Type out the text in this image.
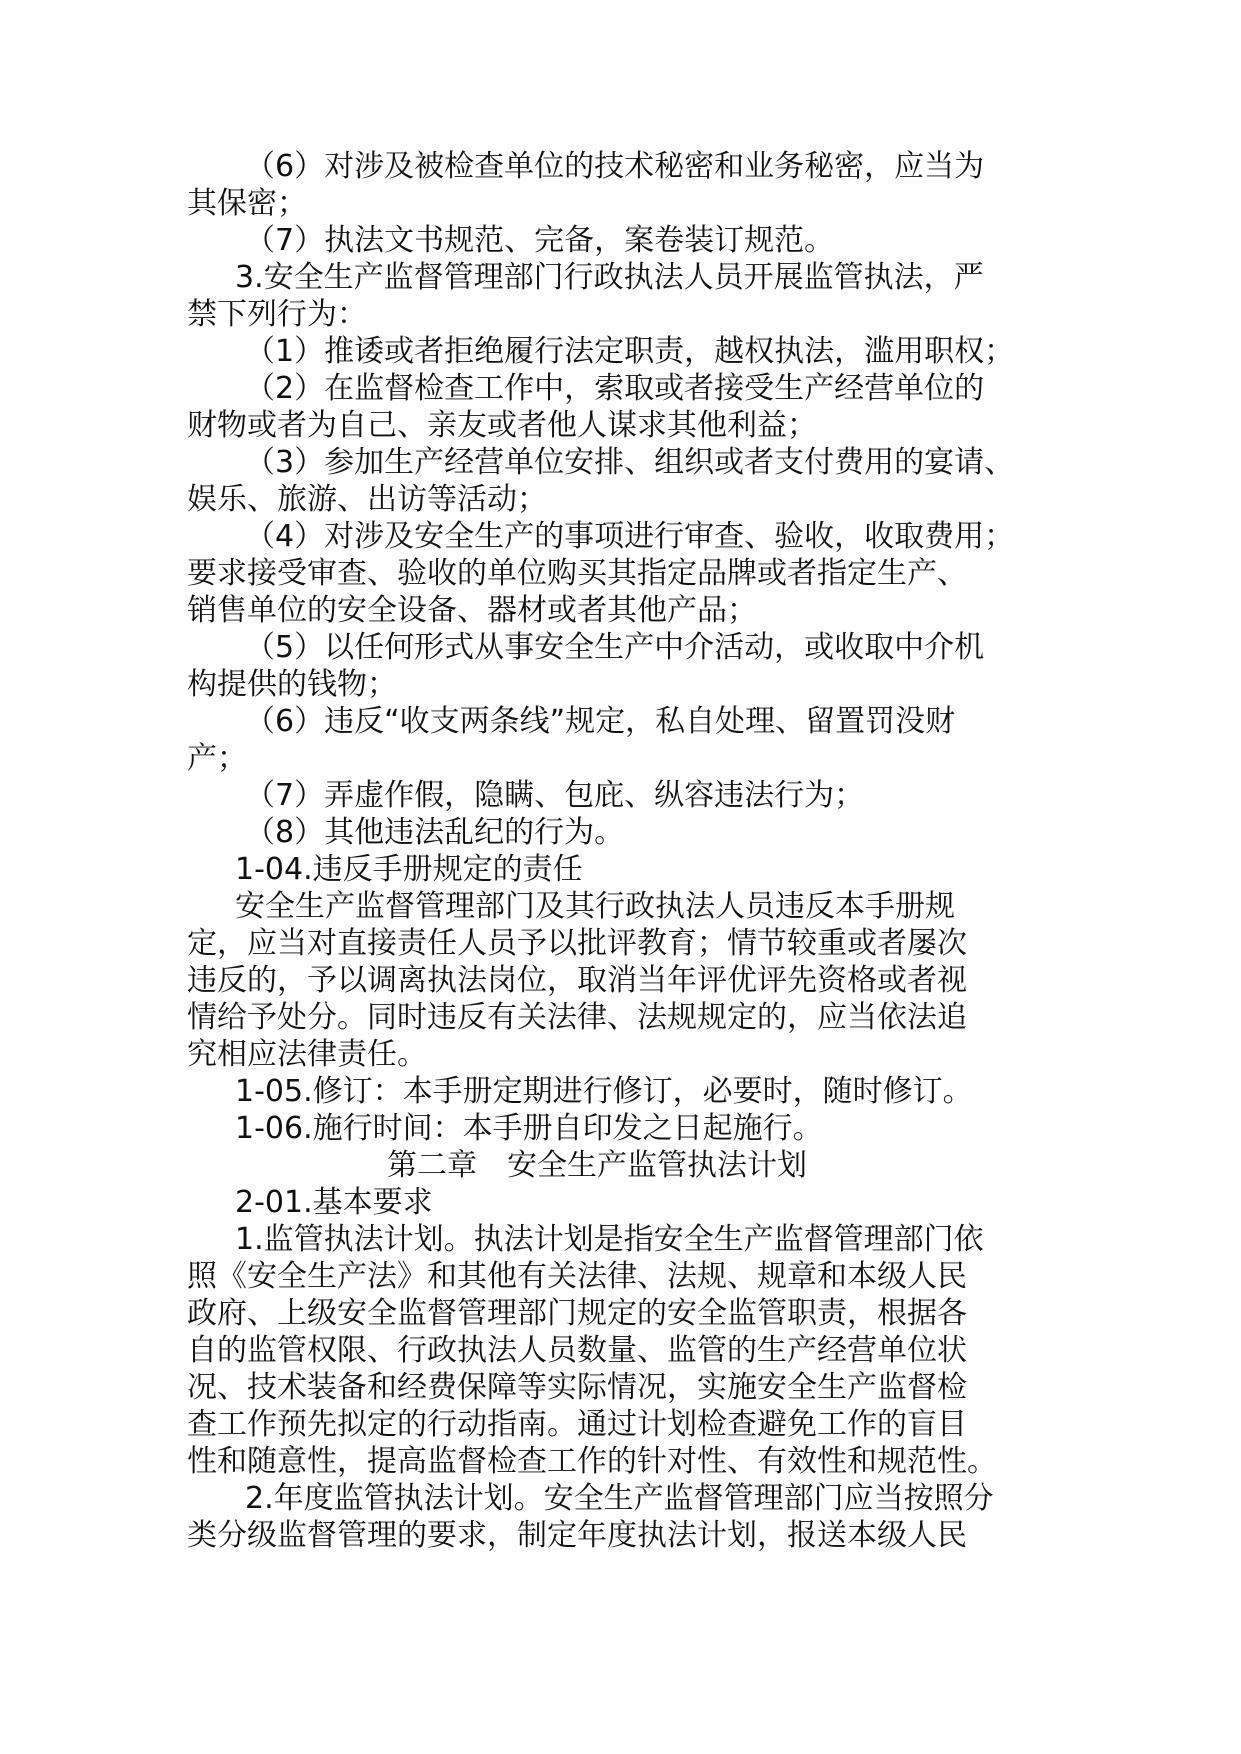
（6）对涉及被检查单位的技术秘密和业务秘密，应当为
其保密；
（7）执法文书规范、完备，案卷装订规范。
3.安全生产监督管理部门行政执法人员开展监管执法，严
禁下列行为：
（1）推诿或者拒绝履行法定职责，越权执法，滥用职权；
（2）在监督检查工作中，索取或者接受生产经营单位的
财物或者为自己、亲友或者他人谋求其他利益；
（3）参加生产经营单位安排、组织或者支付费用的宴请、
娱乐、旅游、出访等活动；
（4）对涉及安全生产的事项进行审查、验收，收取费用；
要求接受审查、验收的单位购买其指定品牌或者指定生产、
销售单位的安全设备、器材或者其他产品；
（5）以任何形式从事安全生产中介活动，或收取中介机
构提供的钱物；
（6）违反“收支两条线”规定，私自处理、留置罚没财
产；
（7）弄虚作假，隐瞒、包庇、纵容违法行为；
（8）其他违法乱纪的行为。
1-04.违反手册规定的责任
安全生产监督管理部门及其行政执法人员违反本手册规
定，应当对直接责任人员予以批评教育；情节较重或者屡次
违反的，予以调离执法岗位，取消当年评优评先资格或者视
情给予处分。同时违反有关法律、法规规定的，应当依法追
究相应法律责任。
1-05.修订：本手册定期进行修订，必要时，随时修订。
1-06.施行时间：本手册自印发之日起施行。
第二章　安全生产监管执法计划
2-01.基本要求
1.监管执法计划。执法计划是指安全生产监督管理部门依
照《安全生产法》和其他有关法律、法规、规章和本级人民
政府、上级安全监督管理部门规定的安全监管职责，根据各
自的监管权限、行政执法人员数量、监管的生产经营单位状
况、技术装备和经费保障等实际情况，实施安全生产监督检
查工作预先拟定的行动指南。通过计划检查避免工作的盲目
性和随意性，提高监督检查工作的针对性、有效性和规范性。
2.年度监管执法计划。安全生产监督管理部门应当按照分
类分级监督管理的要求，制定年度执法计划，报送本级人民
